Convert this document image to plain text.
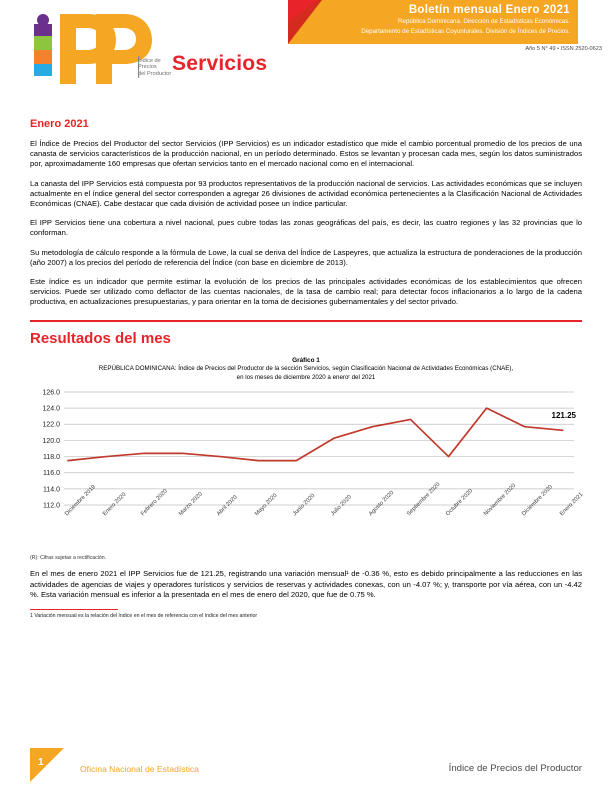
Índice de
Precios
del Productor Servicios
Boletín mensual Enero 2021
República Dominicana. Dirección de Estadísticas Económicas.
Departamento de Estadísticas Coyunturales. División de Índices de Precios.
Año 5 N° 49 • ISSN 2520-0623
Enero 2021

El Índice de Precios del Productor del sector Servicios (IPP Servicios) es un indicador estadístico que mide el cambio porcentual promedio de los precios de una canasta de servicios característicos de la producción nacional, en un período determinado. Estos se levantan y procesan cada mes, según los datos suministrados por, aproximadamente 160 empresas que ofertan servicios tanto en el mercado nacional como en el internacional.

La canasta del IPP Servicios está compuesta por 93 productos representativos de la producción nacional de servicios. Las actividades económicas que se incluyen actualmente en el índice general del sector corresponden a agregar 26 divisiones de actividad económica pertenecientes a la Clasificación Nacional de Actividades Económicas (CNAE). Cabe destacar que cada división de actividad posee un índice particular.

El IPP Servicios tiene una cobertura a nivel nacional, pues cubre todas las zonas geográficas del país, es decir, las cuatro regiones y las 32 provincias que lo conforman.

Su metodología de cálculo responde a la fórmula de Lowe, la cual se deriva del Índice de Laspeyres, que actualiza la estructura de ponderaciones de la producción (año 2007) a los precios del período de referencia del Índice (con base en diciembre de 2013).

Este índice es un indicador que permite estimar la evolución de los precios de las principales actividades económicas de los establecimientos que ofrecen servicios. Puede ser utilizado como deflactor de las cuentas nacionales, de la tasa de cambio real; para detectar focos inflacionarios a lo largo de la cadena productiva, en actualizaciones presupuestarias, y para orientar en la toma de decisiones gubernamentales y del sector privado.

Resultados del mes
Gráfico 1
REPÚBLICA DOMINICANA: Índice de Precios del Productor de la sección Servicios, según Clasificación Nacional de Actividades Económicas (CNAE),
en los meses de diciembre 2020 a eneroʳ del 2021
112.0
114.0
116.0
118.0
120.0
122.0
124.0
126.0
121.25
Diciembre 2019 Enero 2020 Febrero 2020 Marzo 2020 Abril 2020	Mayo 2020 Junio 2020 Julio 2020	Agosto 2020 Septiembre 2020 Octubre 2020 Noviembre 2020 Diciembre 2020 Enero 2021
(R): Cifras sujetas a rectificación.

En el mes de enero 2021 el IPP Servicios fue de 121.25, registrando una variación mensual¹ de -0.36 %, esto es debido principalmente a las reducciones en las actividades de agencias de viajes y operadores turísticos y servicios de reservas y actividades conexas, con un -4.07 %; y, transporte por vía aérea, con un -4.42 %. Esta variación mensual es inferior a la presentada en el mes de enero del 2020, que fue de 0.75 %.

1 Variación mensual es la relación del índice en el mes de referencia con el índice del mes anterior
1
Oficina Nacional de Estadística	Índice de Precios del Productor
